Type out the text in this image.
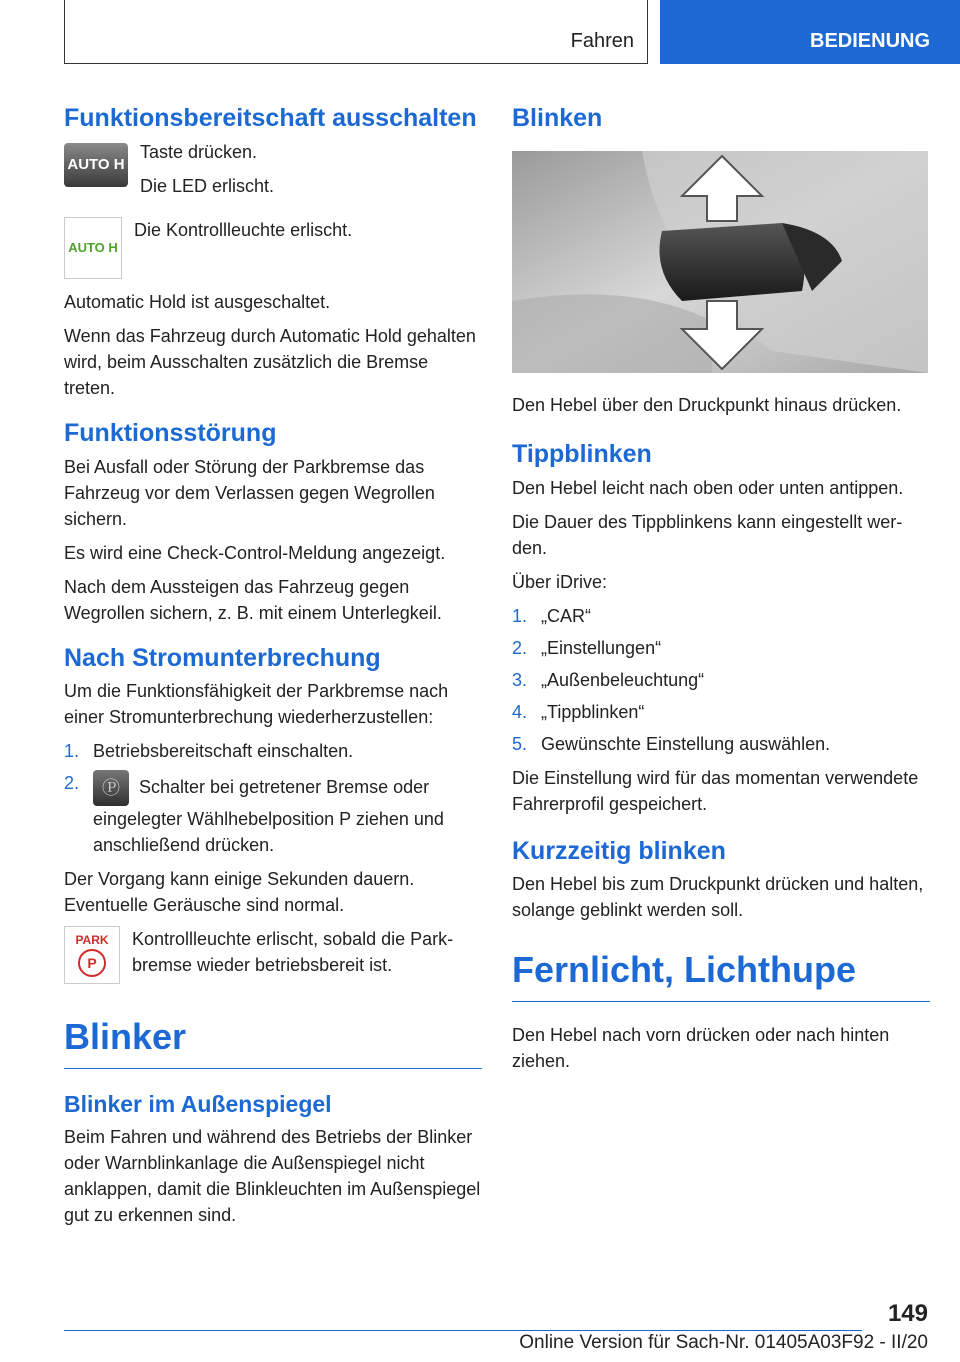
Fahren	BEDIENUNG
Funktionsbereitschaft ausschalten
AUTO H

Taste drücken.

Die LED erlischt.

AUTO H

Die Kontrollleuchte erlischt.

Automatic Hold ist ausgeschaltet.

Wenn das Fahrzeug durch Automatic Hold gehalten wird, beim Ausschalten zusätzlich die Bremse treten.

Funktionsstörung

Bei Ausfall oder Störung der Parkbremse das Fahrzeug vor dem Verlassen gegen Wegrollen sichern.

Es wird eine Check-Control-Meldung angezeigt.

Nach dem Aussteigen das Fahrzeug gegen Wegrollen sichern, z. B. mit einem Unterlegkeil.

Nach Stromunterbrechung

Um die Funktionsfähigkeit der Parkbremse nach einer Stromunterbrechung wiederherzustellen:

1. Betriebsbereitschaft einschalten.
2.	Ⓟ Schalter bei getretener Bremse oder eingelegter Wählhebelposition P ziehen und anschließend drücken.

Der Vorgang kann einige Sekunden dauern. Eventuelle Geräusche sind normal.

PARK
P

Kontrollleuchte erlischt, sobald die Parkbremse wieder betriebsbereit ist.

Blinker
Blinker im Außenspiegel

Beim Fahren und während des Betriebs der Blinker oder Warnblinkanlage die Außenspiegel nicht anklappen, damit die Blinkleuchten im Außenspiegel gut zu erkennen sind.

Blinken

Den Hebel über den Druckpunkt hinaus drücken.

Tippblinken

Den Hebel leicht nach oben oder unten antippen.

Die Dauer des Tippblinkens kann eingestellt werden.

Über iDrive:

1. „CAR“
2. „Einstellungen“
3. „Außenbeleuchtung“
4. „Tippblinken“
5. Gewünschte Einstellung auswählen.

Die Einstellung wird für das momentan verwendete Fahrerprofil gespeichert.

Kurzzeitig blinken

Den Hebel bis zum Druckpunkt drücken und halten, solange geblinkt werden soll.

Fernlicht, Lichthupe

Den Hebel nach vorn drücken oder nach hinten ziehen.

149
Online Version für Sach-Nr. 01405A03F92 - II/20
